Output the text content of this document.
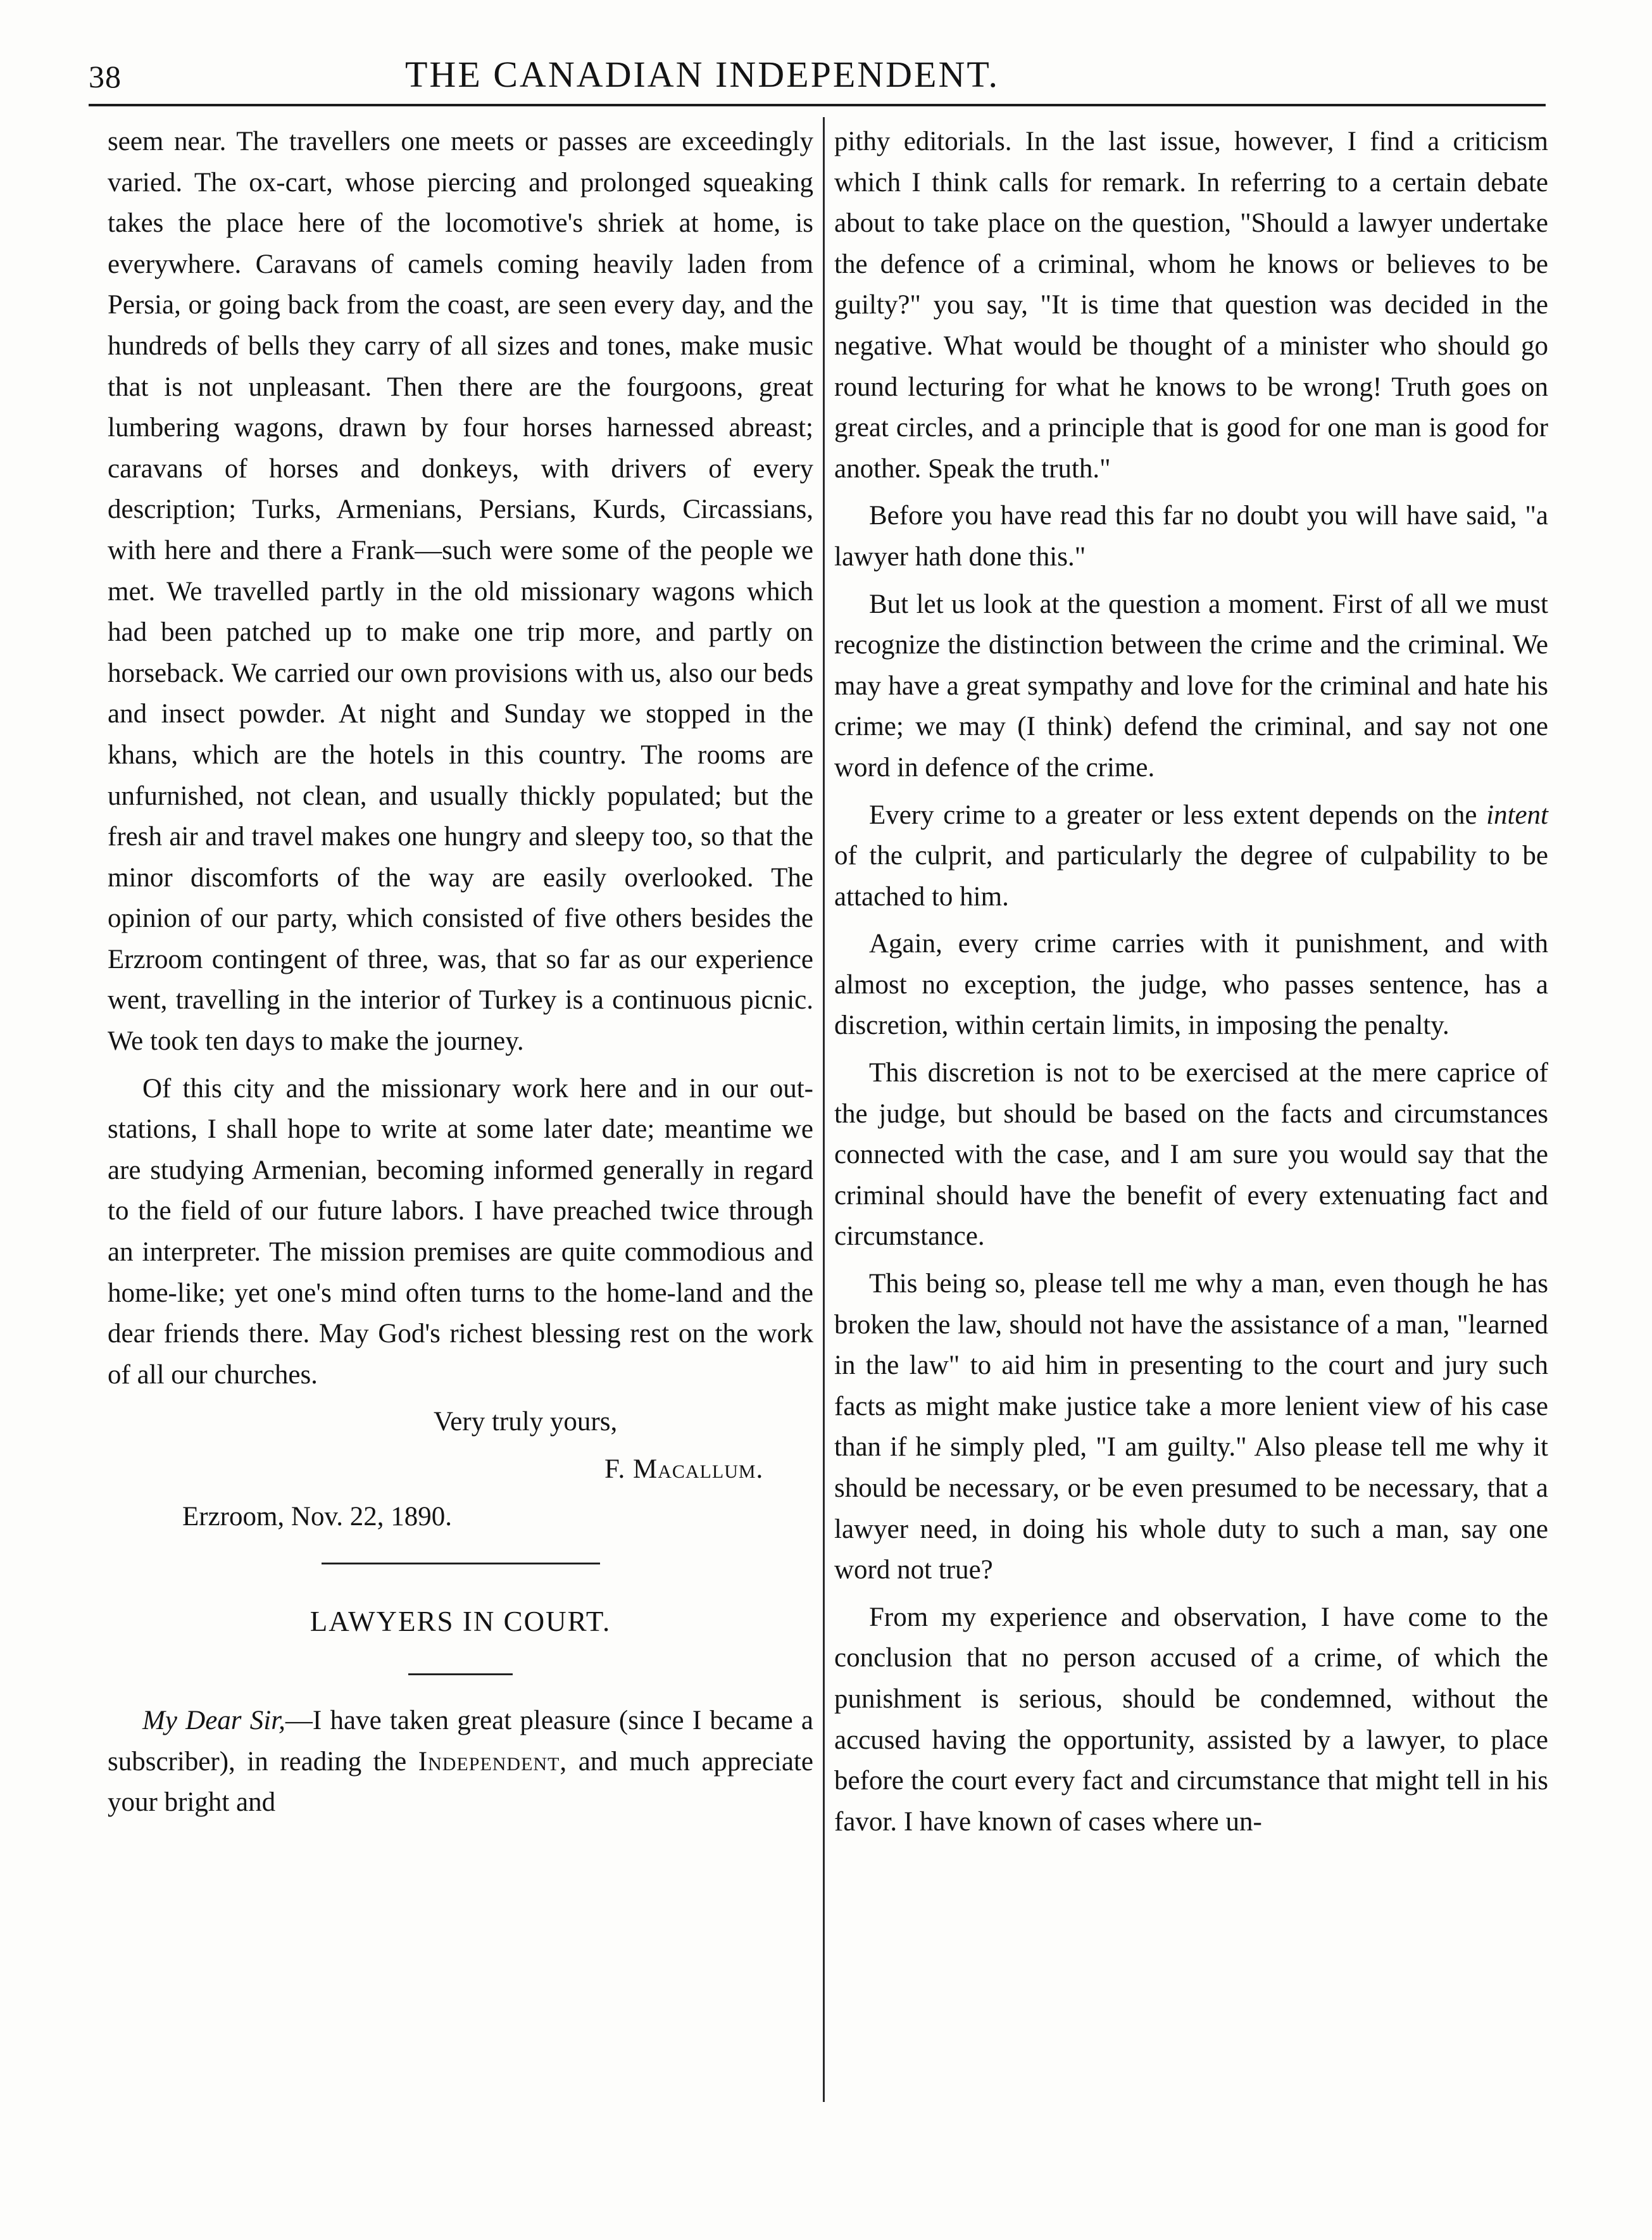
38	THE CANADIAN INDEPENDENT.

seem near. The travellers one meets or passes are exceedingly varied. The ox-cart, whose piercing and prolonged squeaking takes the place here of the locomotive's shriek at home, is everywhere. Caravans of camels coming heavily laden from Persia, or going back from the coast, are seen every day, and the hundreds of bells they carry of all sizes and tones, make music that is not unpleasant. Then there are the fourgoons, great lumbering wagons, drawn by four horses harnessed abreast; caravans of horses and donkeys, with drivers of every description; Turks, Armenians, Persians, Kurds, Circassians, with here and there a Frank—such were some of the people we met. We travelled partly in the old missionary wagons which had been patched up to make one trip more, and partly on horseback. We carried our own provisions with us, also our beds and insect powder. At night and Sunday we stopped in the khans, which are the hotels in this country. The rooms are unfurnished, not clean, and usually thickly populated; but the fresh air and travel makes one hungry and sleepy too, so that the minor discomforts of the way are easily overlooked. The opinion of our party, which consisted of five others besides the Erzroom contingent of three, was, that so far as our experience went, travelling in the interior of Turkey is a continuous picnic. We took ten days to make the journey.

Of this city and the missionary work here and in our out-stations, I shall hope to write at some later date; meantime we are studying Armenian, becoming informed generally in regard to the field of our future labors. I have preached twice through an interpreter. The mission premises are quite commodious and home-like; yet one's mind often turns to the home-land and the dear friends there. May God's richest blessing rest on the work of all our churches.

Very truly yours,

F. Macallum.

Erzroom, Nov. 22, 1890.

LAWYERS IN COURT.

My Dear Sir,—I have taken great pleasure (since I became a subscriber), in reading the Independent, and much appreciate your bright and

pithy editorials. In the last issue, however, I find a criticism which I think calls for remark. In referring to a certain debate about to take place on the question, "Should a lawyer undertake the defence of a criminal, whom he knows or believes to be guilty?" you say, "It is time that question was decided in the negative. What would be thought of a minister who should go round lecturing for what he knows to be wrong! Truth goes on great circles, and a principle that is good for one man is good for another. Speak the truth."

Before you have read this far no doubt you will have said, "a lawyer hath done this."

But let us look at the question a moment. First of all we must recognize the distinction between the crime and the criminal. We may have a great sympathy and love for the criminal and hate his crime; we may (I think) defend the criminal, and say not one word in defence of the crime.

Every crime to a greater or less extent depends on the intent of the culprit, and particularly the degree of culpability to be attached to him.

Again, every crime carries with it punishment, and with almost no exception, the judge, who passes sentence, has a discretion, within certain limits, in imposing the penalty.

This discretion is not to be exercised at the mere caprice of the judge, but should be based on the facts and circumstances connected with the case, and I am sure you would say that the criminal should have the benefit of every extenuating fact and circumstance.

This being so, please tell me why a man, even though he has broken the law, should not have the assistance of a man, "learned in the law" to aid him in presenting to the court and jury such facts as might make justice take a more lenient view of his case than if he simply pled, "I am guilty." Also please tell me why it should be necessary, or be even presumed to be necessary, that a lawyer need, in doing his whole duty to such a man, say one word not true?

From my experience and observation, I have come to the conclusion that no person accused of a crime, of which the punishment is serious, should be condemned, without the accused having the opportunity, assisted by a lawyer, to place before the court every fact and circumstance that might tell in his favor. I have known of cases where un-
